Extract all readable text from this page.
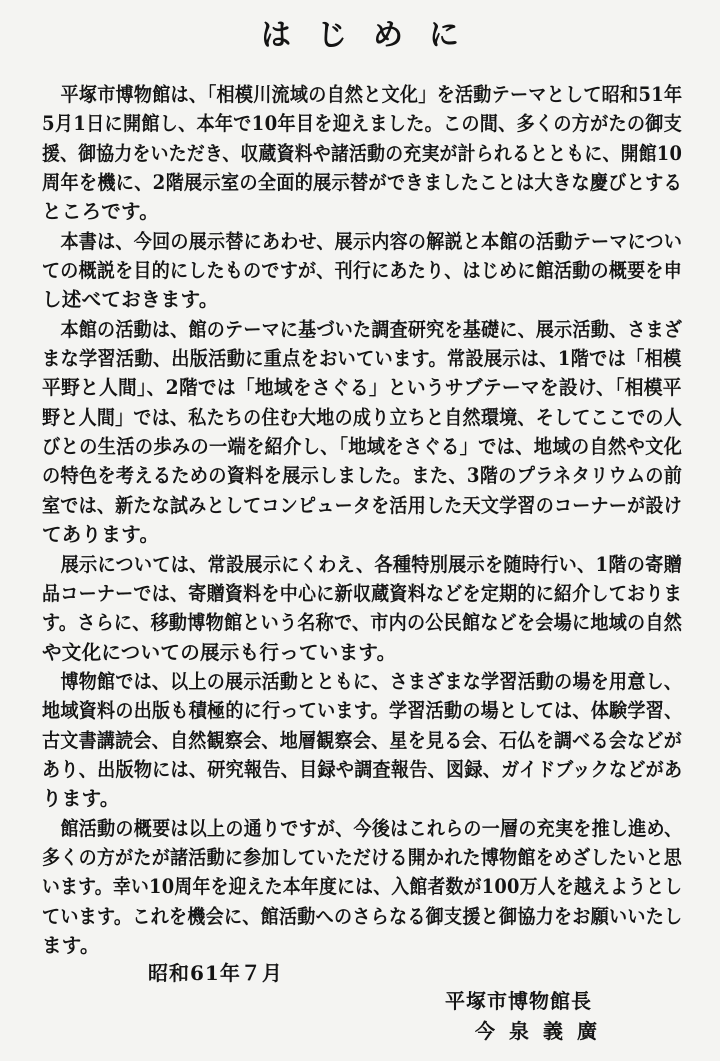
はじめに
平塚市博物館は、「相模川流域の自然と文化」を活動テーマとして昭和51年
5月1日に開館し、本年で10年目を迎えました。この間、多くの方がたの御支
援、御協力をいただき、収蔵資料や諸活動の充実が計られるとともに、開館10
周年を機に、2階展示室の全面的展示替ができましたことは大きな慶びとする
ところです。
本書は、今回の展示替にあわせ、展示内容の解説と本館の活動テーマについ
ての概説を目的にしたものですが、刊行にあたり、はじめに館活動の概要を申
し述べておきます。
本館の活動は、館のテーマに基づいた調査研究を基礎に、展示活動、さまざ
まな学習活動、出版活動に重点をおいています。常設展示は、1階では「相模
平野と人間」、2階では「地域をさぐる」というサブテーマを設け、「相模平
野と人間」では、私たちの住む大地の成り立ちと自然環境、そしてここでの人
びとの生活の歩みの一端を紹介し、「地域をさぐる」では、地域の自然や文化
の特色を考えるための資料を展示しました。また、3階のプラネタリウムの前
室では、新たな試みとしてコンピュータを活用した天文学習のコーナーが設け
てあります。
展示については、常設展示にくわえ、各種特別展示を随時行い、1階の寄贈
品コーナーでは、寄贈資料を中心に新収蔵資料などを定期的に紹介しておりま
す。さらに、移動博物館という名称で、市内の公民館などを会場に地域の自然
や文化についての展示も行っています。
博物館では、以上の展示活動とともに、さまざまな学習活動の場を用意し、
地域資料の出版も積極的に行っています。学習活動の場としては、体験学習、
古文書講読会、自然観察会、地層観察会、星を見る会、石仏を調べる会などが
あり、出版物には、研究報告、目録や調査報告、図録、ガイドブックなどがあ
ります。
館活動の概要は以上の通りですが、今後はこれらの一層の充実を推し進め、
多くの方がたが諸活動に参加していただける開かれた博物館をめざしたいと思
います。幸い10周年を迎えた本年度には、入館者数が100万人を越えようとし
ています。これを機会に、館活動へのさらなる御支援と御協力をお願いいたし
ます。
昭和61年７月
平塚市博物館長
今泉義廣
